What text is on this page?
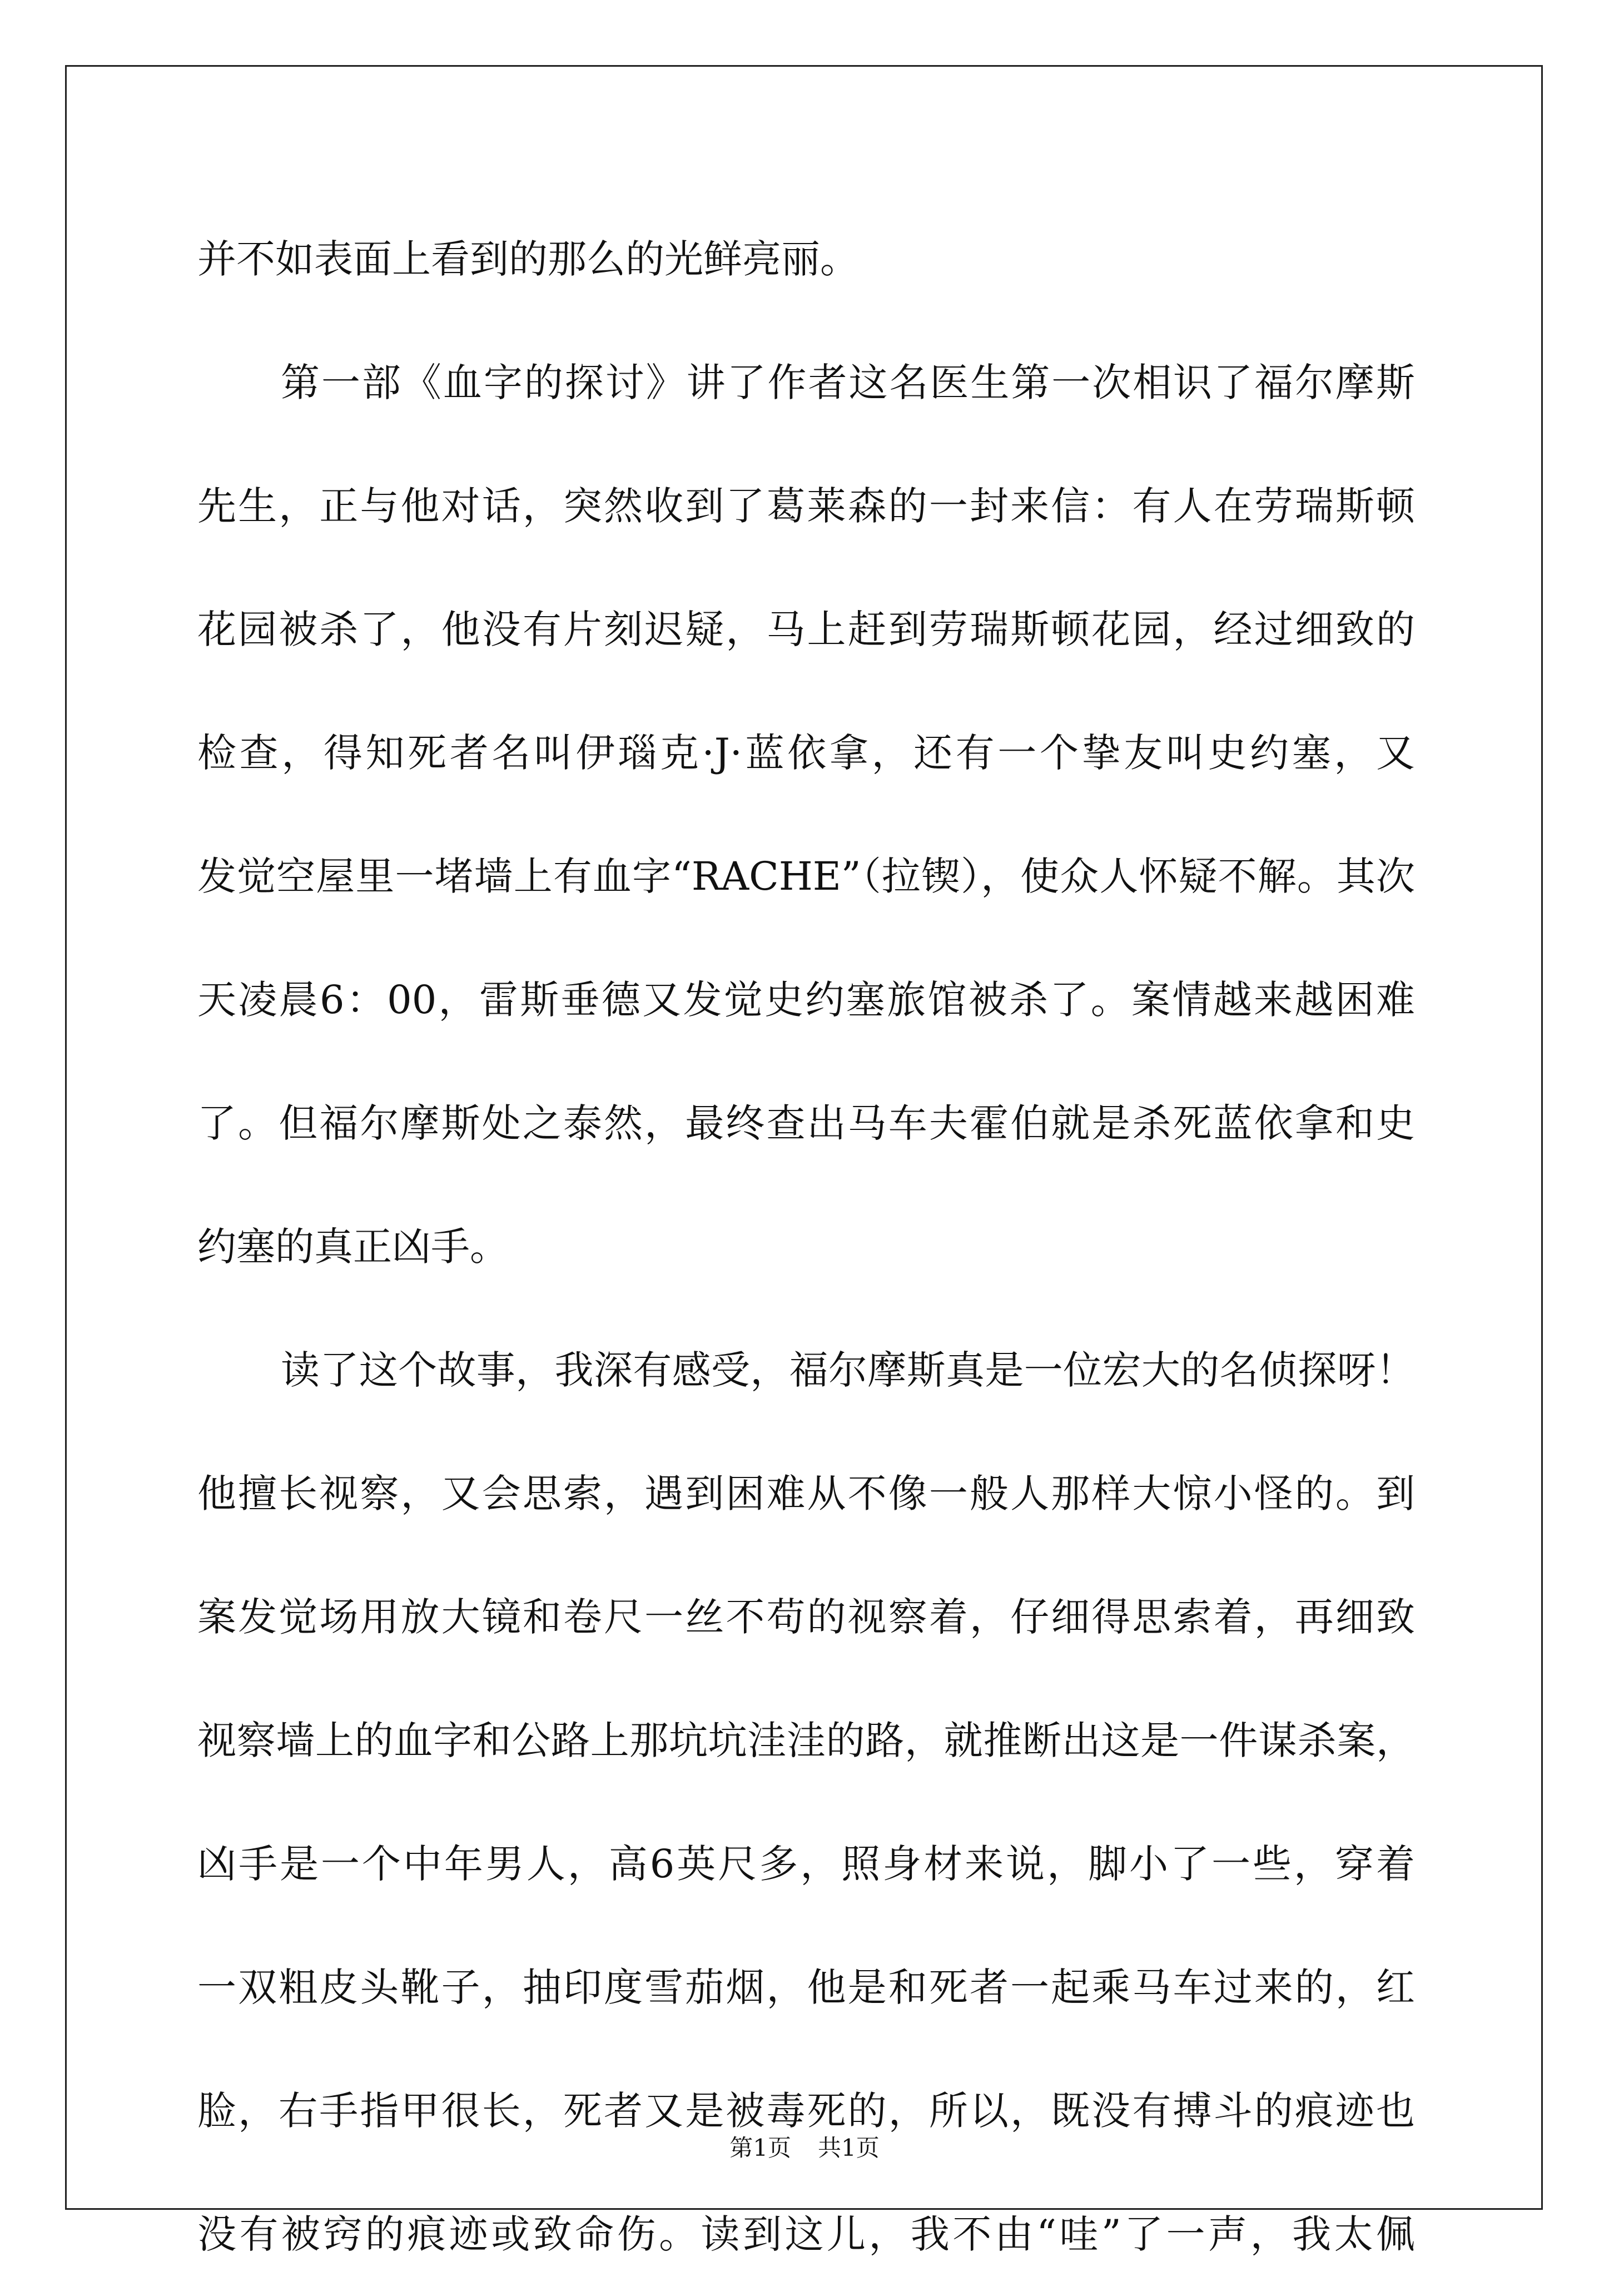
并不如表面上看到的那么的光鲜亮丽。
第一部《血字的探讨》讲了作者这名医生第一次相识了福尔摩斯
先生，正与他对话，突然收到了葛莱森的一封来信：有人在劳瑞斯顿
花园被杀了，他没有片刻迟疑，马上赶到劳瑞斯顿花园，经过细致的
检查，得知死者名叫伊瑙克·J·蓝依拿，还有一个挚友叫史约塞，又
发觉空屋里一堵墙上有血字“RACHE”（拉锲），使众人怀疑不解。其次
天凌晨6：00，雷斯垂德又发觉史约塞旅馆被杀了。案情越来越困难
了。但福尔摩斯处之泰然，最终查出马车夫霍伯就是杀死蓝依拿和史
约塞的真正凶手。
读了这个故事，我深有感受，福尔摩斯真是一位宏大的名侦探呀！
他擅长视察，又会思索，遇到困难从不像一般人那样大惊小怪的。到
案发觉场用放大镜和卷尺一丝不苟的视察着，仔细得思索着，再细致
视察墙上的血字和公路上那坑坑洼洼的路，就推断出这是一件谋杀案，
凶手是一个中年男人，高6英尺多，照身材来说，脚小了一些，穿着
一双粗皮头靴子，抽印度雪茄烟，他是和死者一起乘马车过来的，红
脸，右手指甲很长，死者又是被毒死的，所以，既没有搏斗的痕迹也
没有被窍的痕迹或致命伤。读到这儿，我不由“哇”了一声，我太佩
第1页 共1页
